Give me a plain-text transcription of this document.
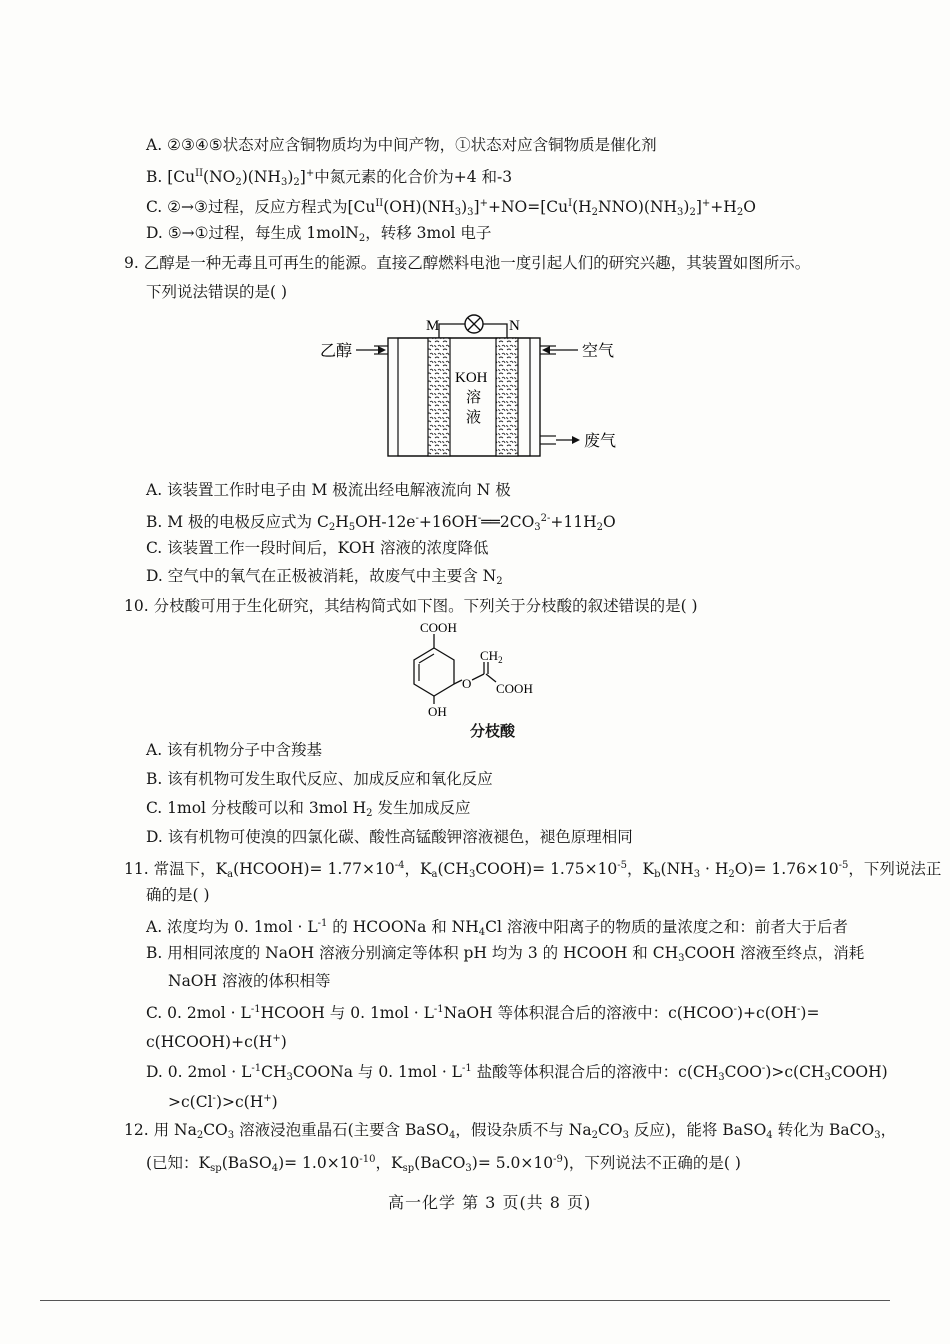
A. ②③④⑤状态对应含铜物质均为中间产物，①状态对应含铜物质是催化剂
B. $[Cu^{II}(NO_2)(NH_3)_2]^+$中氮元素的化合价为+4 和-3
C. ②→③过程，反应方程式为$[Cu^{II}(OH)(NH_3)_3]^++NO=[Cu^I(H_2NNO)(NH_3)_2]^++H_2O$
D. ⑤→①过程，每生成 1molN$_2$，转移 3mol 电子
9. 乙醇是一种无毒且可再生的能源。直接乙醇燃料电池一度引起人们的研究兴趣，其装置如图所示。
下列说法错误的是( )
M	N
乙醇	空气
废气
KOH
溶
液
A. 该装置工作时电子由 M 极流出经电解液流向 N 极
B. M 极的电极反应式为 $C_2H_5OH-12e^-+16OH^-══2CO_3^{2-}+11H_2O$
C. 该装置工作一段时间后，KOH 溶液的浓度降低
D. 空气中的氧气在正极被消耗，故废气中主要含 $N_2$
10. 分枝酸可用于生化研究，其结构简式如下图。下列关于分枝酸的叙述错误的是( )
COOH
OH
O
$CH_2$
COOH
分枝酸
A. 该有机物分子中含羧基
B. 该有机物可发生取代反应、加成反应和氧化反应
C. 1mol 分枝酸可以和 3mol $H_2$ 发生加成反应
D. 该有机物可使溴的四氯化碳、酸性高锰酸钾溶液褪色，褪色原理相同
11. 常温下，$K_a(HCOOH)= 1.77\times 10^{-4}$，$K_a(CH_3COOH)= 1.75\times 10^{-5}$，$K_b(NH_3 \cdot H_2O)= 1.76\times 10^{-5}$，下列说法正
确的是( )
A. 浓度均为 0. $1mol \cdot L^{-1}$ 的 HCOONa 和 $NH_4Cl$ 溶液中阳离子的物质的量浓度之和：前者大于后者
B. 用相同浓度的 NaOH 溶液分别滴定等体积 pH 均为 3 的 HCOOH 和 $CH_3COOH$ 溶液至终点，消耗
NaOH 溶液的体积相等
C. 0. $2mol \cdot L^{-1}HCOOH$ 与 0. $1mol \cdot L^{-1}NaOH$ 等体积混合后的溶液中：c(HCOO-)+c(OH-)=
c(HCOOH)+c(H+)
D. 0. $2mol \cdot L^{-1}CH_3COONa$ 与 0. $1mol \cdot L^{-1}$ 盐酸等体积混合后的溶液中：$c(CH_3COO^-)>c(CH_3COOH)$
>c(Cl-)>c(H+)
12. 用 $Na_2CO_3$ 溶液浸泡重晶石(主要含 BaSO$_4$，假设杂质不与 $Na_2CO_3$ 反应)，能将 BaSO$_4$ 转化为 BaCO$_3$，
(已知：$K_{sp}(BaSO_4)= 1.0\times 10^{-10}$，$K_{sp}(BaCO_3)= 5.0\times 10^{-9}$)，下列说法不正确的是( )
高一化学 第 3 页(共 8 页)
